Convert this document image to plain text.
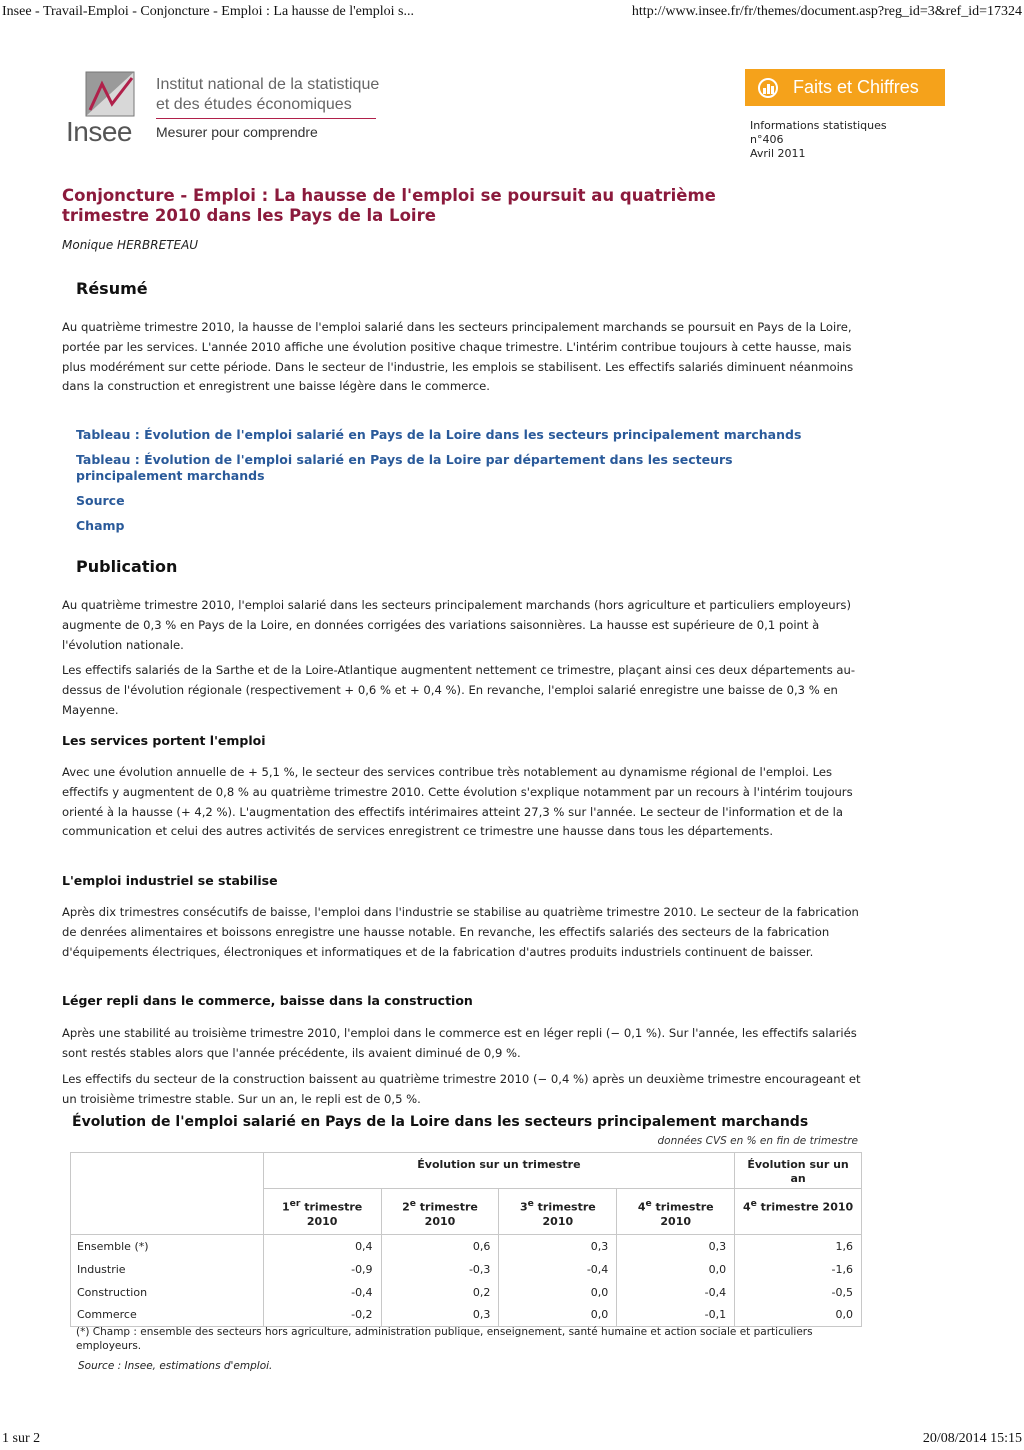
Insee - Travail-Emploi - Conjoncture - Emploi : La hausse de l'emploi s...	http://www.insee.fr/fr/themes/document.asp?reg_id=3&ref_id=17324
Insee
Institut national de la statistique
et des études économiques
Mesurer pour comprendre
Faits et Chiffres
Informations statistiques
n°406
Avril 2011
Conjoncture - Emploi : La hausse de l'emploi se poursuit au quatrième trimestre 2010 dans les Pays de la Loire
Monique HERBRETEAU
Résumé

Au quatrième trimestre 2010, la hausse de l'emploi salarié dans les secteurs principalement marchands se poursuit en Pays de la Loire, portée par les services. L'année 2010 affiche une évolution positive chaque trimestre. L'intérim contribue toujours à cette hausse, mais plus modérément sur cette période. Dans le secteur de l'industrie, les emplois se stabilisent. Les effectifs salariés diminuent néanmoins dans la construction et enregistrent une baisse légère dans le commerce.

Tableau : Évolution de l'emploi salarié en Pays de la Loire dans les secteurs principalement marchands
Tableau : Évolution de l'emploi salarié en Pays de la Loire par département dans les secteurs principalement marchands
Source
Champ
Publication

Au quatrième trimestre 2010, l'emploi salarié dans les secteurs principalement marchands (hors agriculture et particuliers employeurs) augmente de 0,3 % en Pays de la Loire, en données corrigées des variations saisonnières. La hausse est supérieure de 0,1 point à l'évolution nationale.

Les effectifs salariés de la Sarthe et de la Loire-Atlantique augmentent nettement ce trimestre, plaçant ainsi ces deux départements au-dessus de l'évolution régionale (respectivement + 0,6 % et + 0,4 %). En revanche, l'emploi salarié enregistre une baisse de 0,3 % en Mayenne.

Les services portent l'emploi

Avec une évolution annuelle de + 5,1 %, le secteur des services contribue très notablement au dynamisme régional de l'emploi. Les effectifs y augmentent de 0,8 % au quatrième trimestre 2010. Cette évolution s'explique notamment par un recours à l'intérim toujours orienté à la hausse (+ 4,2 %). L'augmentation des effectifs intérimaires atteint 27,3 % sur l'année. Le secteur de l'information et de la communication et celui des autres activités de services enregistrent ce trimestre une hausse dans tous les départements.

L'emploi industriel se stabilise

Après dix trimestres consécutifs de baisse, l'emploi dans l'industrie se stabilise au quatrième trimestre 2010. Le secteur de la fabrication de denrées alimentaires et boissons enregistre une hausse notable. En revanche, les effectifs salariés des secteurs de la fabrication d'équipements électriques, électroniques et informatiques et de la fabrication d'autres produits industriels continuent de baisser.

Léger repli dans le commerce, baisse dans la construction

Après une stabilité au troisième trimestre 2010, l'emploi dans le commerce est en léger repli (− 0,1 %). Sur l'année, les effectifs salariés sont restés stables alors que l'année précédente, ils avaient diminué de 0,9 %.

Les effectifs du secteur de la construction baissent au quatrième trimestre 2010 (− 0,4 %) après un deuxième trimestre encourageant et un troisième trimestre stable. Sur un an, le repli est de 0,5 %.

Évolution de l'emploi salarié en Pays de la Loire dans les secteurs principalement marchands
données CVS en % en fin de trimestre
	Évolution sur un trimestre				Évolution sur un an
	1er trimestre 2010	2e trimestre 2010	3e trimestre 2010	4e trimestre 2010	4e trimestre 2010
Ensemble (*)	0,4	0,6	0,3	0,3	1,6
Industrie	-0,9	-0,3	-0,4	0,0	-1,6
Construction	-0,4	0,2	0,0	-0,4	-0,5
Commerce	-0,2	0,3	0,0	-0,1	0,0

(*) Champ : ensemble des secteurs hors agriculture, administration publique, enseignement, santé humaine et action sociale et particuliers employeurs.

Source : Insee, estimations d'emploi.

1 sur 2	20/08/2014 15:15
